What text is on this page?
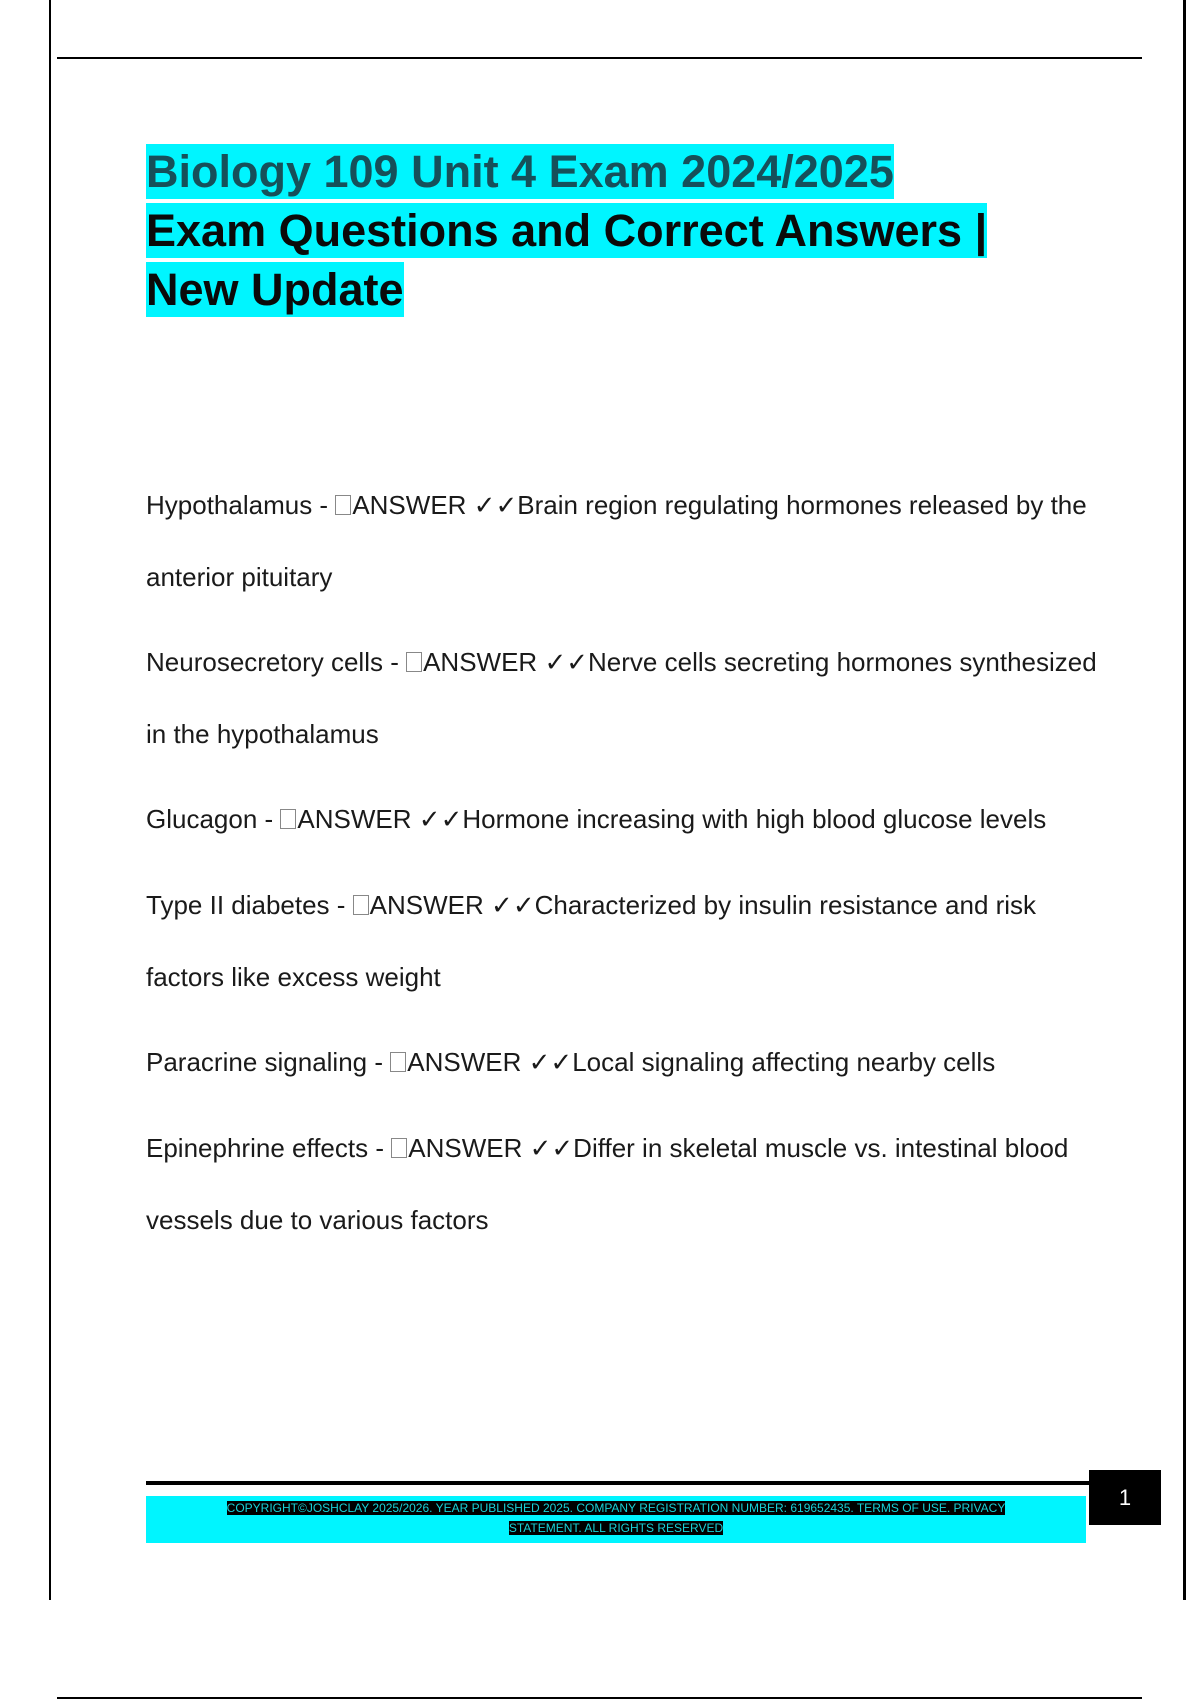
Biology 109 Unit 4 Exam 2024/2025
Exam Questions and Correct Answers |
New Update

Hypothalamus - ANSWER ✓✓Brain region regulating hormones released by the anterior pituitary

Neurosecretory cells - ANSWER ✓✓Nerve cells secreting hormones synthesized in the hypothalamus

Glucagon - ANSWER ✓✓Hormone increasing with high blood glucose levels

Type II diabetes - ANSWER ✓✓Characterized by insulin resistance and risk factors like excess weight

Paracrine signaling - ANSWER ✓✓Local signaling affecting nearby cells

Epinephrine effects - ANSWER ✓✓Differ in skeletal muscle vs. intestinal blood vessels due to various factors

COPYRIGHT©JOSHCLAY 2025/2026. YEAR PUBLISHED 2025. COMPANY REGISTRATION NUMBER: 619652435. TERMS OF USE. PRIVACY
STATEMENT. ALL RIGHTS RESERVED
1
